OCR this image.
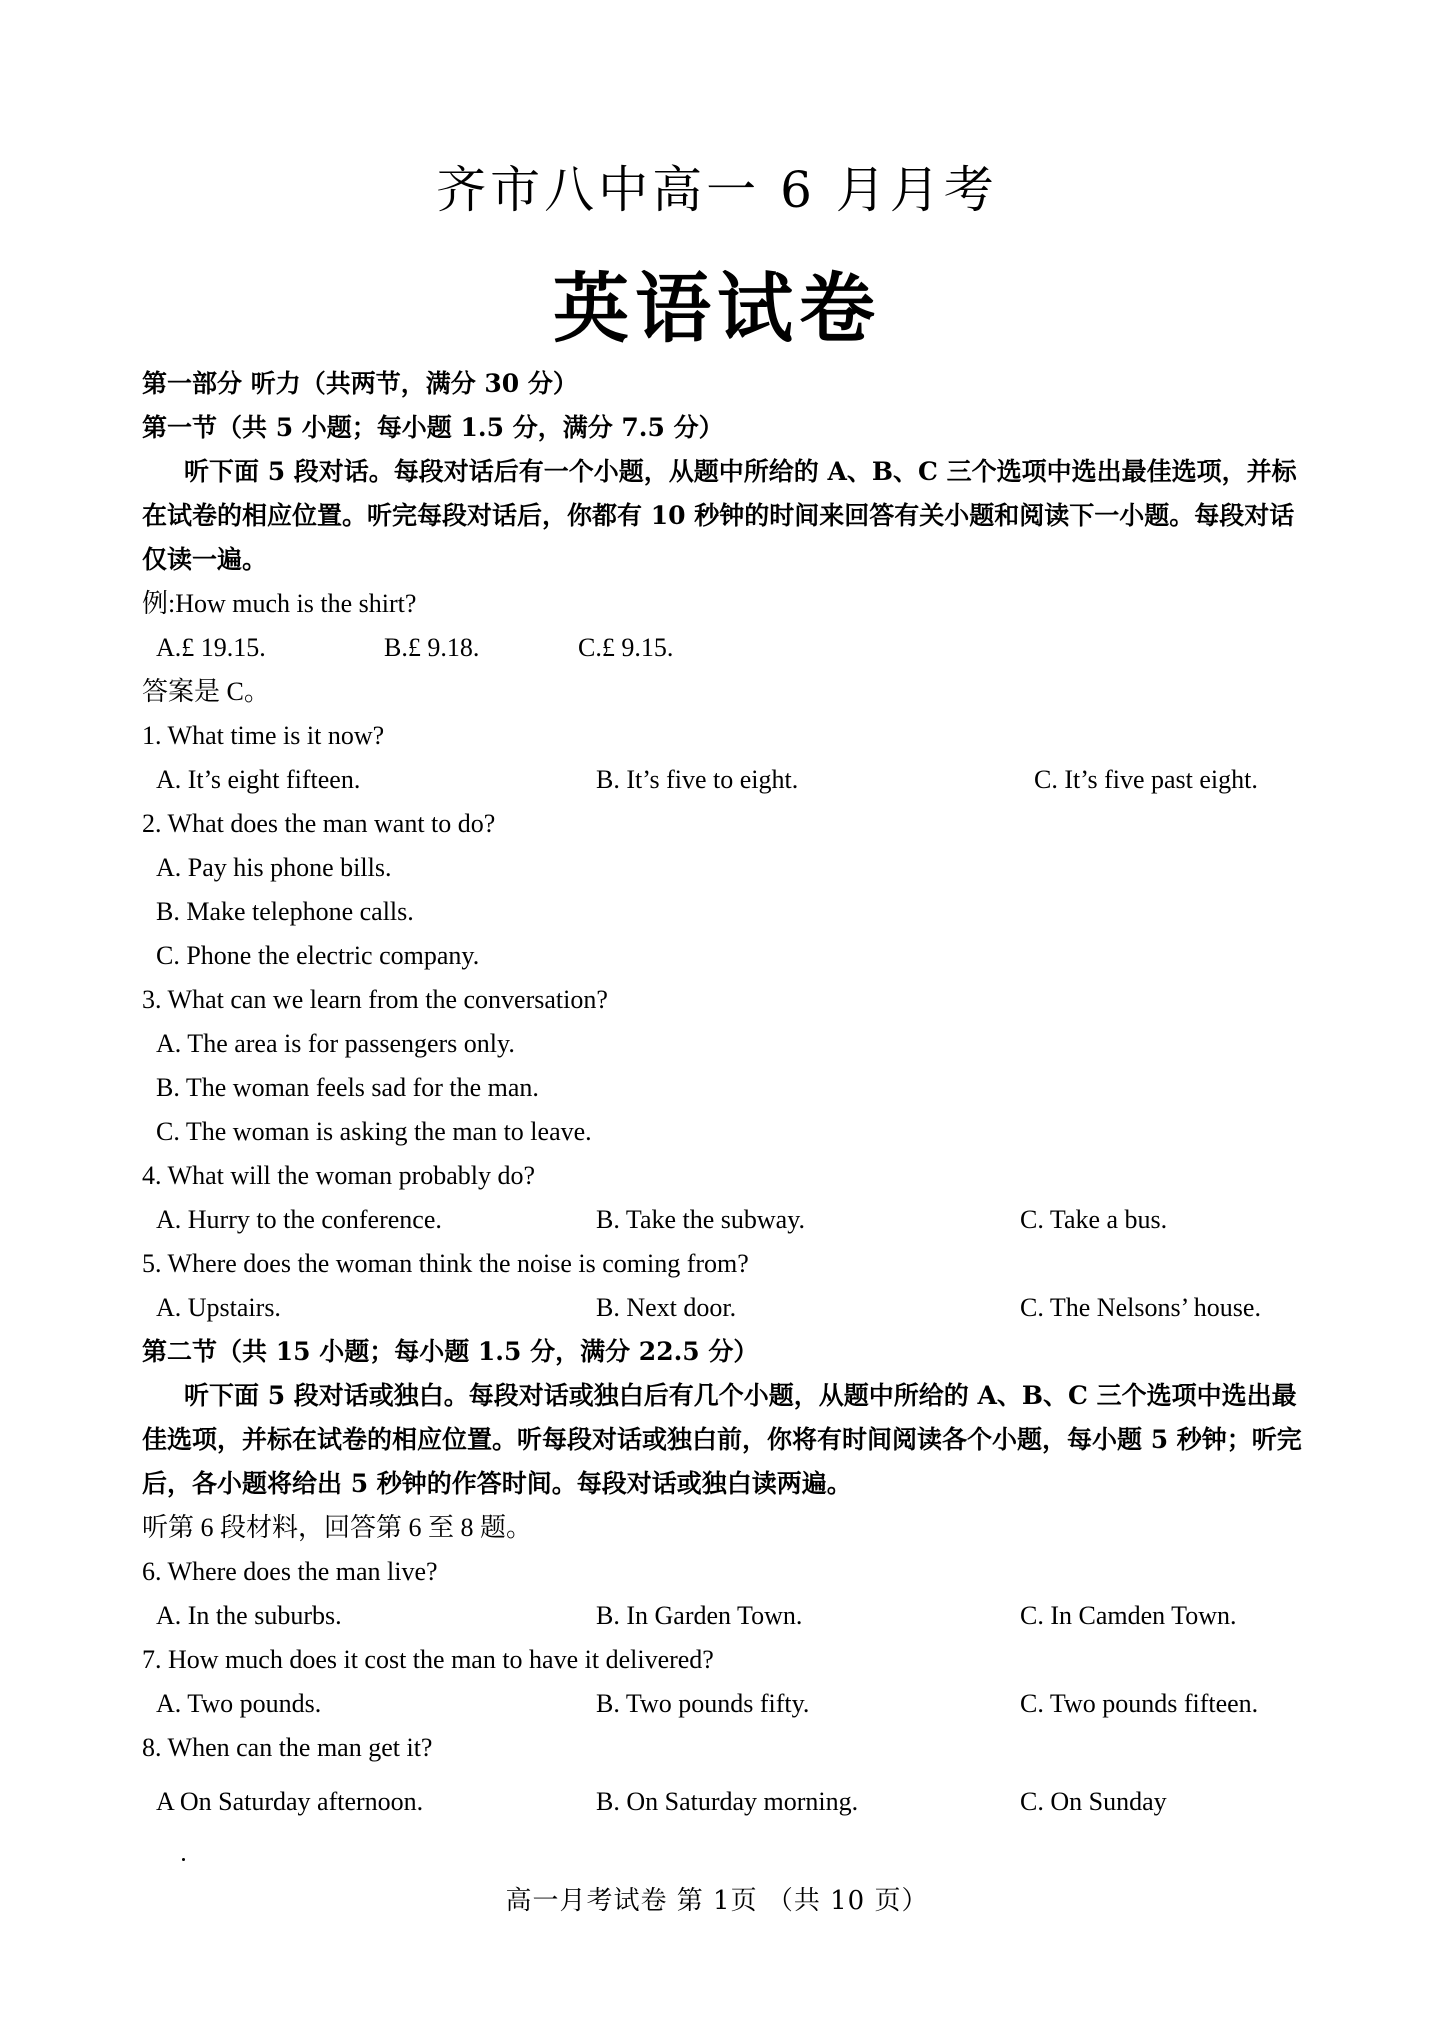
齐市八中高一 6 月月考
英语试卷
第一部分 听力（共两节，满分 30 分）
第一节（共 5 小题；每小题 1.5 分，满分 7.5 分）
听下面 5 段对话。每段对话后有一个小题，从题中所给的 A、B、C 三个选项中选出最佳选项，并标在试卷的相应位置。听完每段对话后，你都有 10 秒钟的时间来回答有关小题和阅读下一小题。每段对话仅读一遍。
例:How much is the shirt?
A.£ 19.15.	B.£ 9.18.	C.£ 9.15.
答案是 C。
1. What time is it now?
A. It’s eight fifteen.	B. It’s five to eight.	C. It’s five past eight.
2. What does the man want to do?
A. Pay his phone bills.
B. Make telephone calls.
C. Phone the electric company.
3. What can we learn from the conversation?
A. The area is for passengers only.
B. The woman feels sad for the man.
C. The woman is asking the man to leave.
4. What will the woman probably do?
A. Hurry to the conference.	B. Take the subway.	C. Take a bus.
5. Where does the woman think the noise is coming from?
A. Upstairs.	B. Next door.	C. The Nelsons’ house.
第二节（共 15 小题；每小题 1.5 分，满分 22.5 分）
听下面 5 段对话或独白。每段对话或独白后有几个小题，从题中所给的 A、B、C 三个选项中选出最佳选项，并标在试卷的相应位置。听每段对话或独白前，你将有时间阅读各个小题，每小题 5 秒钟；听完后，各小题将给出 5 秒钟的作答时间。每段对话或独白读两遍。
听第 6 段材料，回答第 6 至 8 题。
6. Where does the man live?
A. In the suburbs.	B. In Garden Town.	C. In Camden Town.
7. How much does it cost the man to have it delivered?
A. Two pounds.	B. Two pounds fifty.	C. Two pounds fifteen.
8. When can the man get it?
A On Saturday afternoon.	B. On Saturday morning.	C. On Sunday
高一月考试卷 第 1页 （共 10 页）
